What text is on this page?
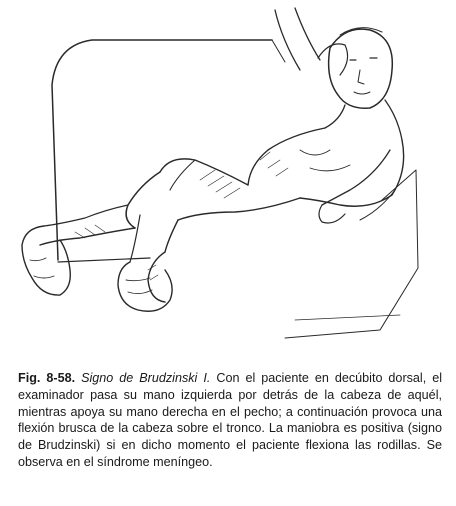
Fig. 8-58. Signo de Brudzinski I. Con el paciente en decúbito dorsal, el examinador pasa su mano izquierda por detrás de la cabeza de aquél, mientras apoya su mano derecha en el pecho; a continuación provoca una flexión brusca de la cabeza sobre el tronco. La maniobra es positiva (signo de Brudzinski) si en dicho momento el paciente flexiona las rodillas. Se observa en el síndrome meníngeo.
